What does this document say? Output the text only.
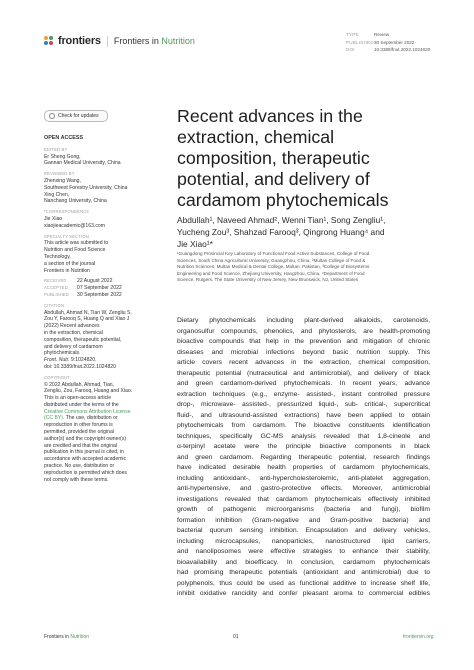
frontiers Frontiers in Nutrition
TYPE	Review
PUBLISHED30 September 2022
DOI	10.3389/fnut.2022.1024820
Check for updates
OPEN ACCESS
EDITED BY
Er Sheng Gong,
Gannan Medical University, China
REVIEWED BY
Zhenxing Wang,
Southwest Forestry University, China
Xing Chen,
Nanchang University, China
*CORRESPONDENCE
Jie Xiao
xiaojieacademic@163.com
SPECIALTY SECTION
This article was submitted to
Nutrition and Food Science
Technology,
a section of the journal
Frontiers in Nutrition
RECEIVED	22 August 2022
ACCEPTED	07 September 2022
PUBLISHED	30 September 2022
CITATION
Abdullah, Ahmad N, Tian W, Zengliu S,
Zou Y, Farooq S, Huang Q and Xiao J
(2022) Recent advances
in the extraction, chemical
composition, therapeutic potential,
and delivery of cardamom
phytochemicals.
Front. Nutr. 9:1024820.
doi: 10.3389/fnut.2022.1024820
COPYRIGHT
© 2022 Abdullah, Ahmad, Tian,
Zengliu, Zou, Farooq, Huang and Xiao.
This is an open-access article
distributed under the terms of the
Creative Commons Attribution License
(CC BY). The use, distribution or
reproduction in other forums is
permitted, provided the original
author(s) and the copyright owner(s)
are credited and that the original
publication in this journal is cited, in
accordance with accepted academic
practice. No use, distribution or
reproduction is permitted which does
not comply with these terms.
Recent advances in the
extraction, chemical
composition, therapeutic
potential, and delivery of
cardamom phytochemicals
Abdullah¹, Naveed Ahmad², Wenni Tian¹, Song Zengliu¹,
Yucheng Zou³, Shahzad Farooq³, Qingrong Huang⁴ and
Jie Xiao¹*
¹Guangdong Provincial Key Laboratory of Functional Food Active Substances, College of Food
Sciences, South China Agricultural University, Guangzhou, China, ²Multan College of Food &
Nutrition Sciences, Multan Medical & Dental College, Multan, Pakistan, ³College of Biosystems
Engineering and Food Science, Zhejiang University, Hangzhou, China, ⁴Department of Food
Science, Rutgers, The State University of New Jersey, New Brunswick, NJ, United States
Dietary phytochemicals including plant-derived alkaloids, carotenoids,
organosulfur compounds, phenolics, and phytosterols, are health-promoting
bioactive compounds that help in the prevention and mitigation of chronic
diseases and microbial infections beyond basic nutrition supply. This
article covers recent advances in the extraction, chemical composition,
therapeutic potential (nutraceutical and antimicrobial), and delivery of black
and green cardamom-derived phytochemicals. In recent years, advance
extraction techniques (e.g., enzyme- assisted-, instant controlled pressure
drop-, microwave- assisted-, pressurized liquid-, sub- critical-, supercritical
fluid-, and ultrasound-assisted extractions) have been applied to obtain
phytochemicals from cardamom. The bioactive constituents identification
techniques, specifically GC-MS analysis revealed that 1,8-cineole and
α-terpinyl acetate were the principle bioactive components in black
and green cardamom. Regarding therapeutic potential, research findings
have indicated desirable health properties of cardamom phytochemicals,
including antioxidant-, anti-hypercholesterolemic, anti-platelet aggregation,
anti-hypertensive, and gastro-protective effects. Moreover, antimicrobial
investigations revealed that cardamom phytochemicals effectively inhibited
growth of pathogenic microorganisms (bacteria and fungi), biofilm
formation inhibition (Gram-negative and Gram-positive bacteria) and
bacterial quorum sensing inhibition. Encapsulation and delivery vehicles,
including microcapsules, nanoparticles, nanostructured lipid carriers,
and nanoliposomes were effective strategies to enhance their stability,
bioavailability and bioefficacy. In conclusion, cardamom phytochemicals
had promising therapeutic potentials (antioxidant and antimicrobial) due to
polyphenols, thus could be used as functional additive to increase shelf life,
inhibit oxidative rancidity and confer pleasant aroma to commercial edibles
Frontiers in Nutrition	01	frontiersin.org
